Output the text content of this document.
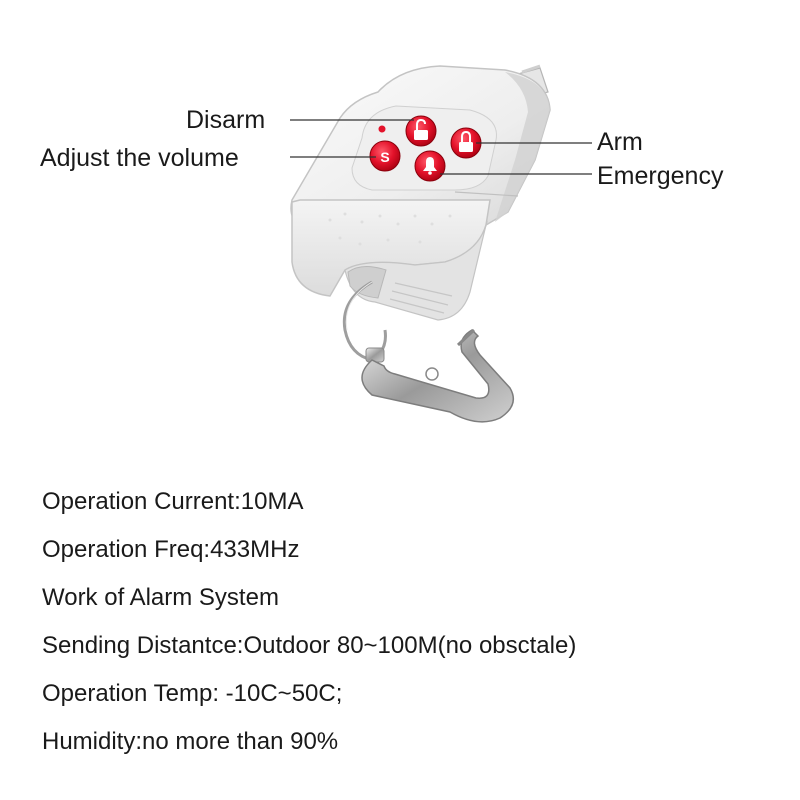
S
Disarm
Adjust the volume
Arm
Emergency
Operation Current:10MA
Operation Freq:433MHz
Work of Alarm System
Sending Distantce:Outdoor 80~100M(no obsctale)
Operation Temp: -10C~50C;
Humidity:no more than 90%
